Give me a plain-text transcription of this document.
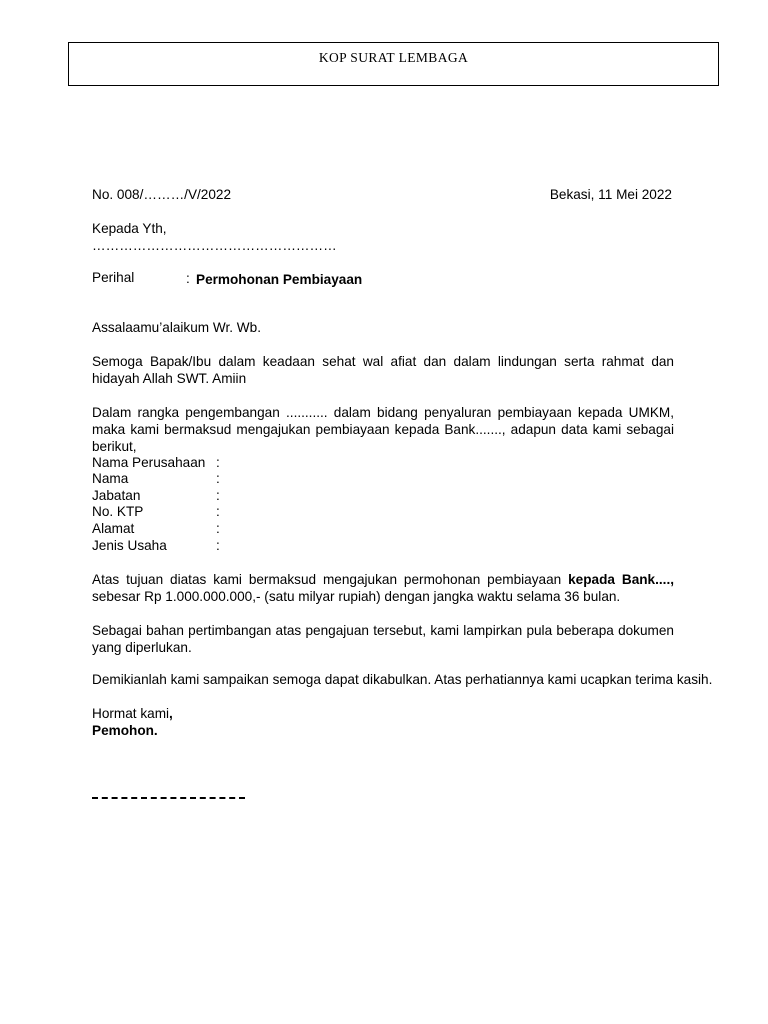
KOP SURAT LEMBAGA
No. 008/………/V/2022	Bekasi, 11 Mei 2022
Kepada Yth,
………………………………………………
Perihal	: Permohonan Pembiayaan
Assalaamu’alaikum Wr. Wb.
Semoga Bapak/Ibu dalam keadaan sehat wal afiat dan dalam lindungan serta rahmat dan hidayah Allah SWT. Amiin
Dalam rangka pengembangan ........... dalam bidang penyaluran pembiayaan kepada UMKM, maka kami bermaksud mengajukan pembiayaan kepada Bank......., adapun data kami sebagai berikut,
Nama Perusahaan :
Nama	:
Jabatan	:
No. KTP	:
Alamat	:
Jenis Usaha	:
Atas tujuan diatas kami bermaksud mengajukan permohonan pembiayaan kepada Bank...., sebesar Rp 1.000.000.000,- (satu milyar rupiah) dengan jangka waktu selama 36 bulan.
Sebagai bahan pertimbangan atas pengajuan tersebut, kami lampirkan pula beberapa dokumen yang diperlukan.
Demikianlah kami sampaikan semoga dapat dikabulkan. Atas perhatiannya kami ucapkan terima kasih.
Hormat kami,
Pemohon.
